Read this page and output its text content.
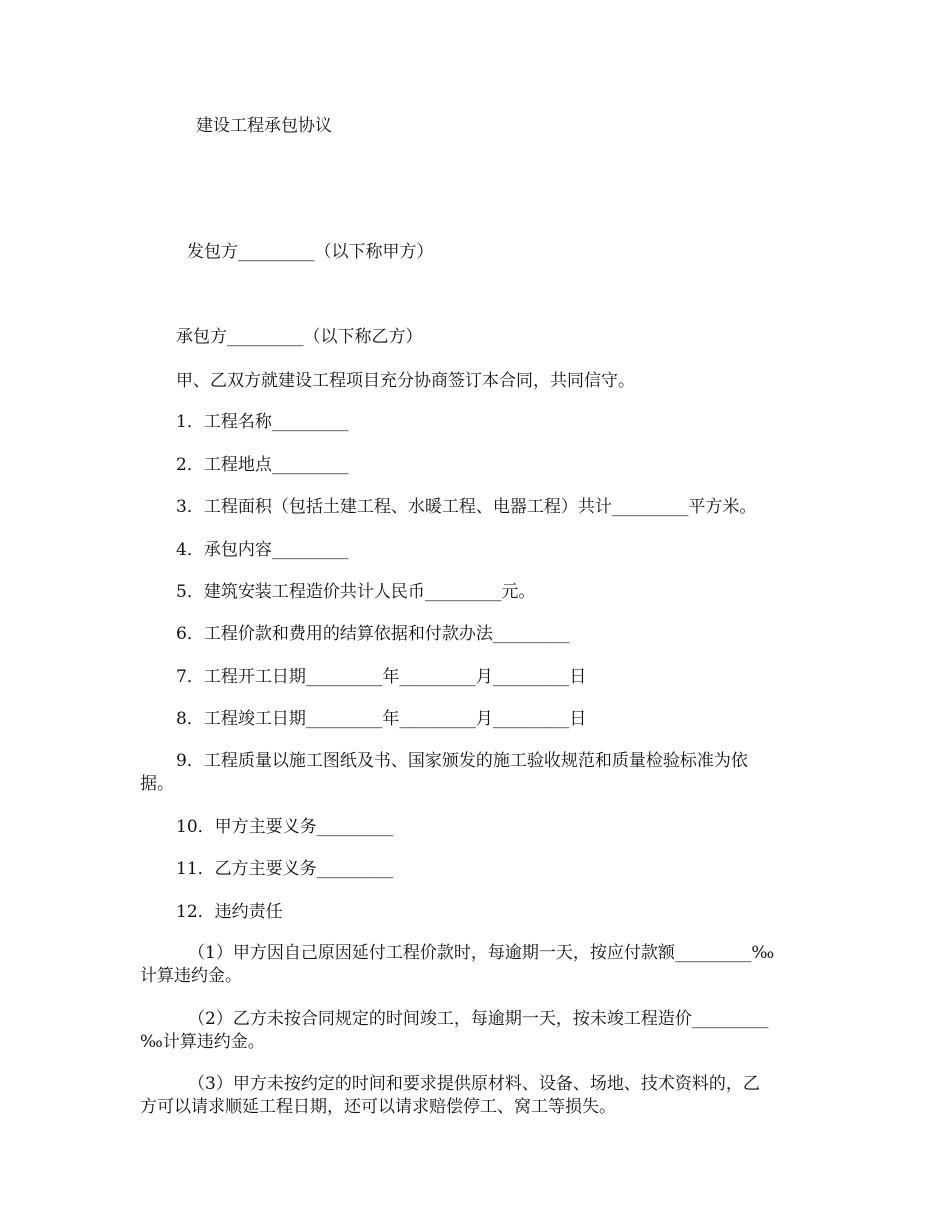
建设工程承包协议
发包方_________（以下称甲方）
承包方_________（以下称乙方）
甲、乙双方就建设工程项目充分协商签订本合同，共同信守。
1．工程名称_________
2．工程地点_________
3．工程面积（包括土建工程、水暖工程、电器工程）共计_________平方米。
4．承包内容_________
5．建筑安装工程造价共计人民币_________元。
6．工程价款和费用的结算依据和付款办法_________
7．工程开工日期_________年_________月_________日
8．工程竣工日期_________年_________月_________日
9．工程质量以施工图纸及书、国家颁发的施工验收规范和质量检验标准为依
据。
10．甲方主要义务_________
11．乙方主要义务_________
12．违约责任
（1）甲方因自己原因延付工程价款时，每逾期一天，按应付款额_________‰
计算违约金。
（2）乙方未按合同规定的时间竣工，每逾期一天，按未竣工程造价_________
‰计算违约金。
（3）甲方未按约定的时间和要求提供原材料、设备、场地、技术资料的，乙
方可以请求顺延工程日期，还可以请求赔偿停工、窝工等损失。
